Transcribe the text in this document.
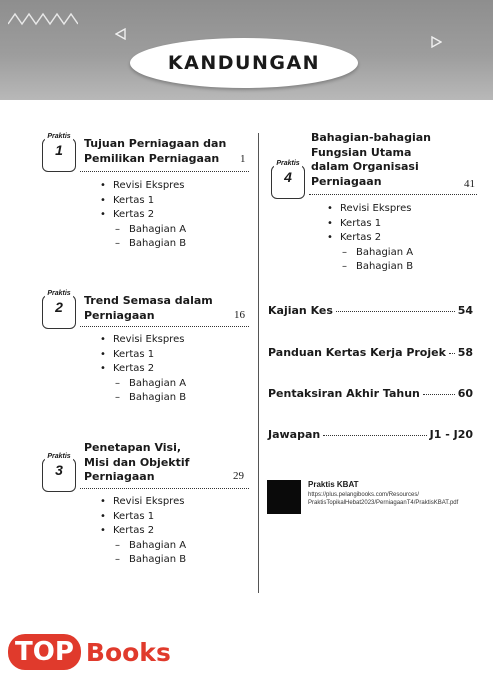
KANDUNGAN
Praktis
1 Tujuan Perniagaan dan
Pemilikan Perniagaan	1
• Revisi Ekspres
• Kertas 1
• Kertas 2
– Bahagian A
– Bahagian B
Praktis
2 Trend Semasa dalam
Perniagaan	16
• Revisi Ekspres
• Kertas 1
• Kertas 2
– Bahagian A
– Bahagian B
Praktis
3
Penetapan Visi,
Misi dan Objektif
Perniagaan	29
• Revisi Ekspres
• Kertas 1
• Kertas 2
– Bahagian A
– Bahagian B
Praktis
4
Bahagian-bahagian
Fungsian Utama
dalam Organisasi
Perniagaan	41
• Revisi Ekspres
• Kertas 1
• Kertas 2
– Bahagian A
– Bahagian B
Kajian Kes	54
Panduan Kertas Kerja Projek 58
Pentaksiran Akhir Tahun	60
Jawapan	J1 - J20
Praktis KBAT
https://plus.pelangibooks.com/Resources/
PraktisTopikalHebat2023/PerniagaanT4/PraktisKBAT.pdf
TOP Books
